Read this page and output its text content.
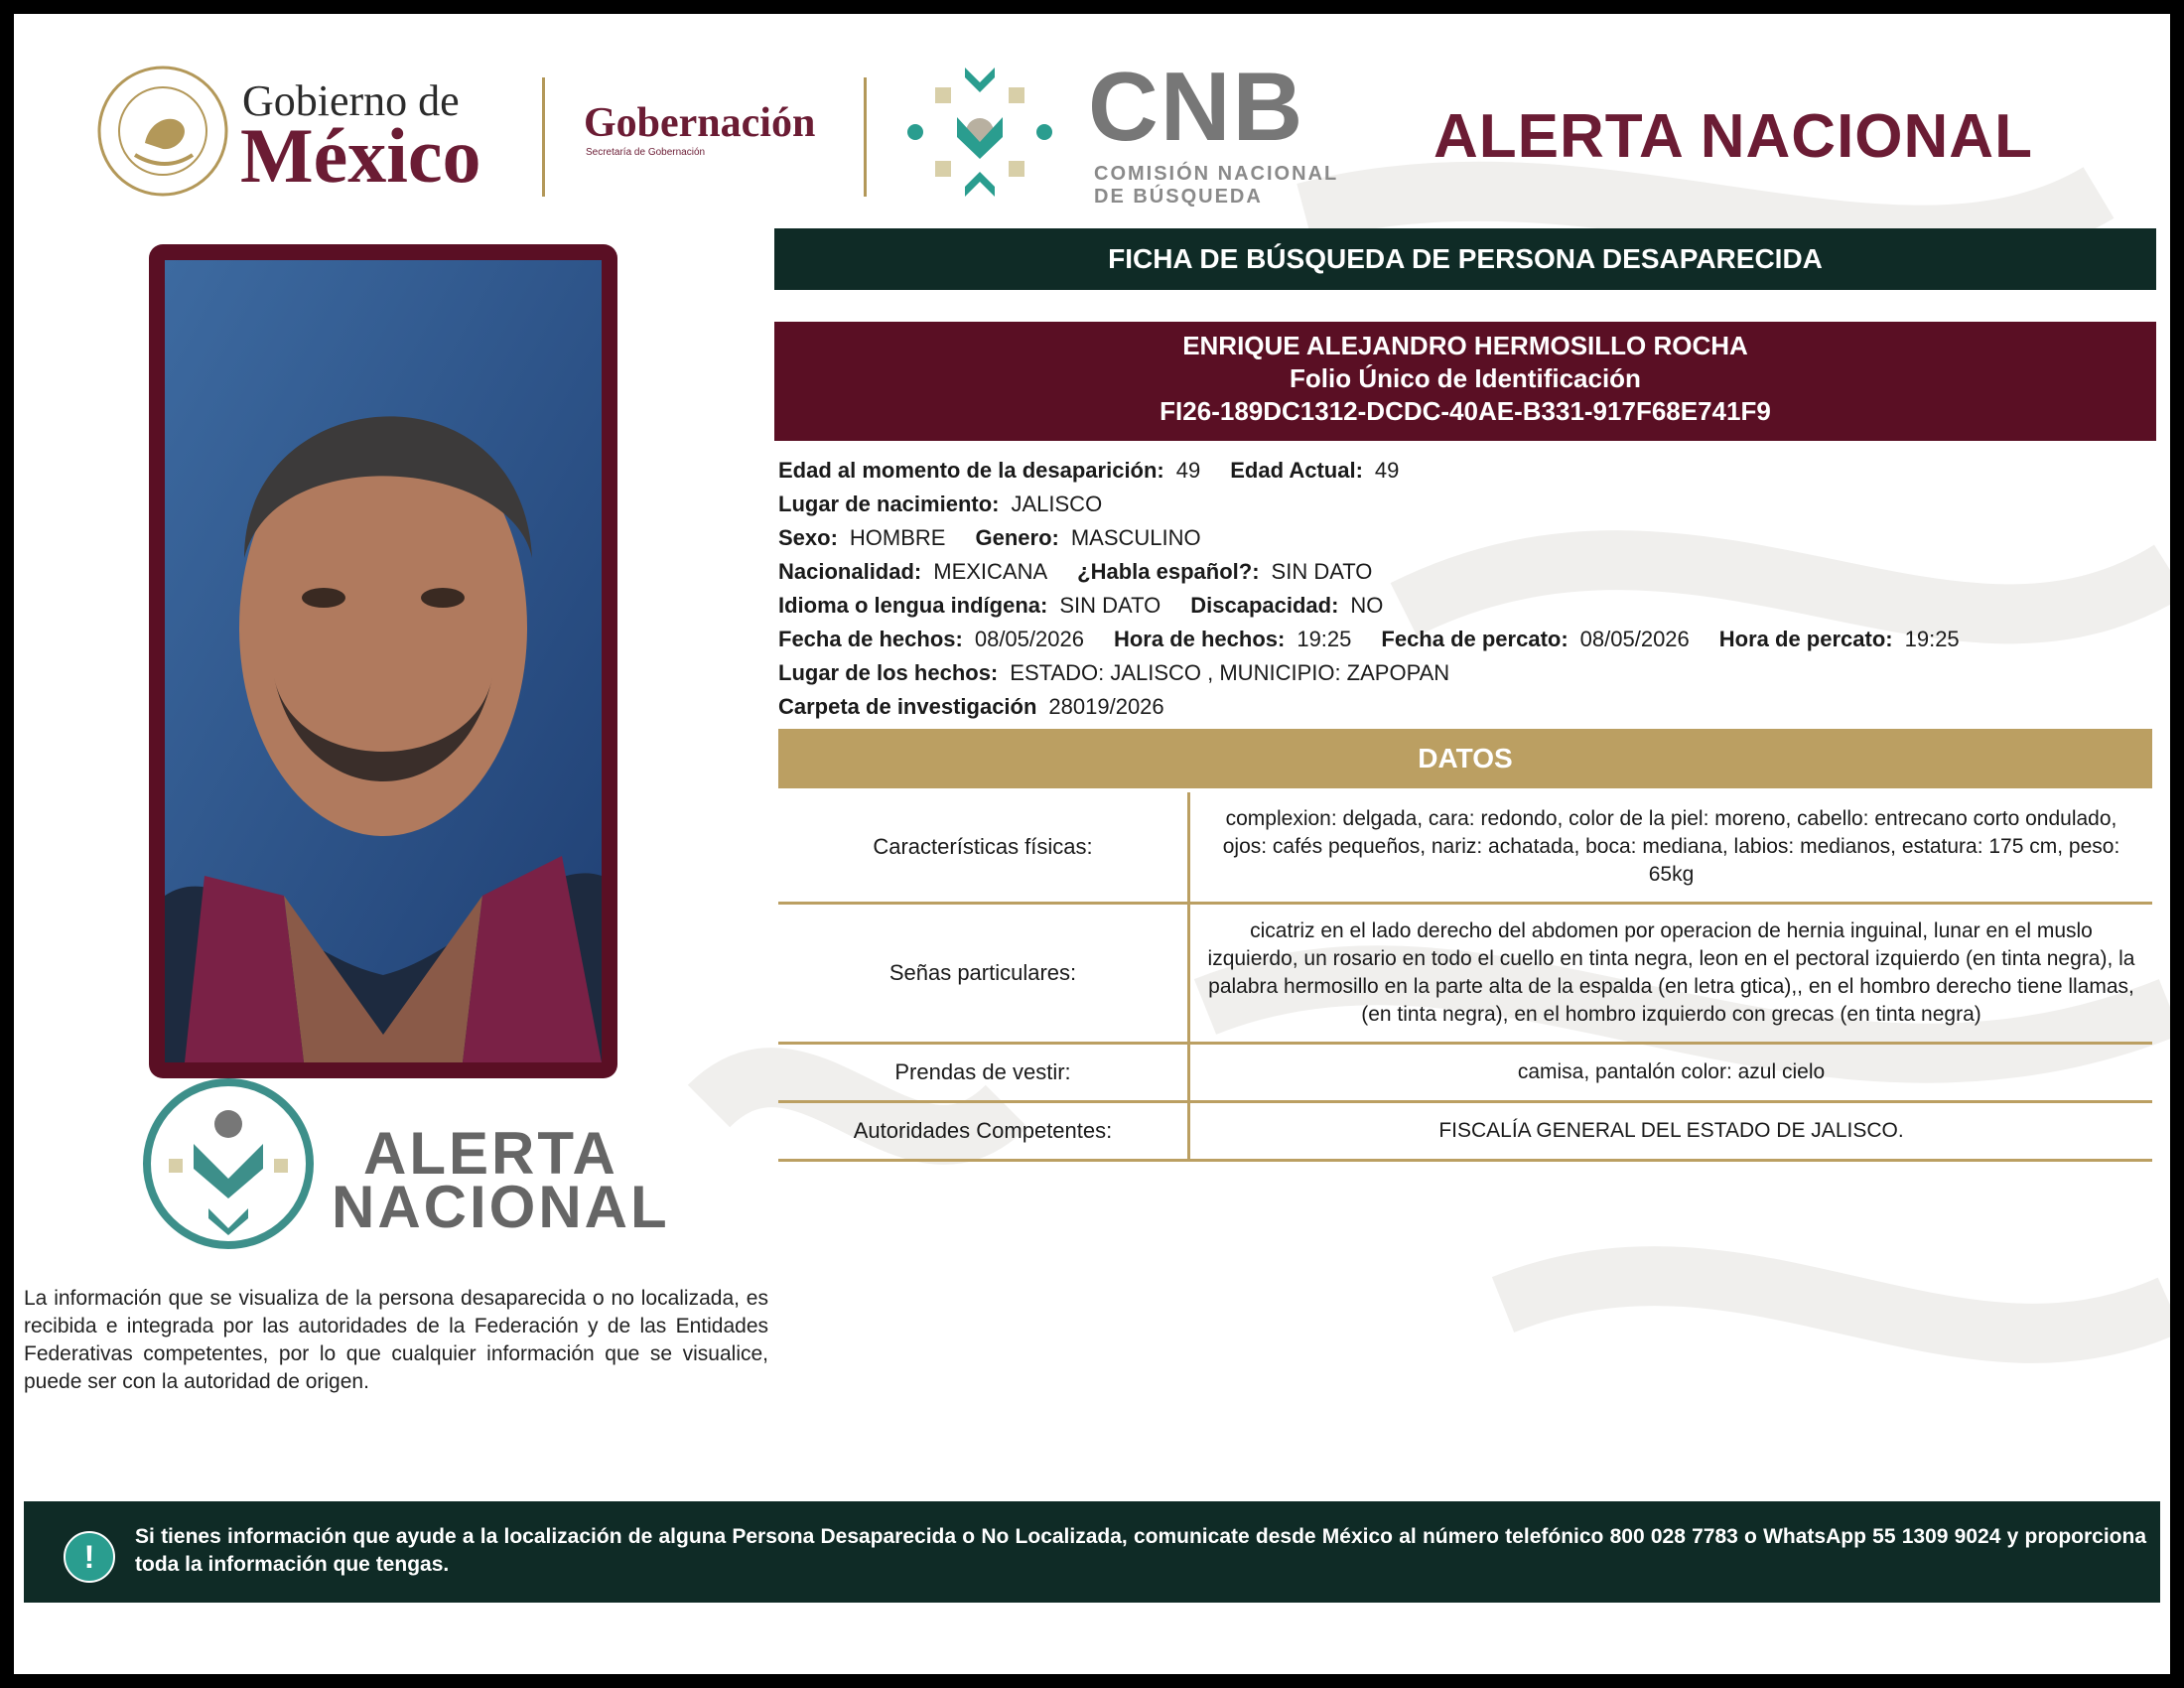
Gobierno de
México Gobernación
Secretaría de Gobernación	CNB
COMISIÓN NACIONAL
DE BÚSQUEDA
ALERTA NACIONAL
ALERTA
NACIONAL
La información que se visualiza de la persona desaparecida o no localizada, es recibida e integrada por las autoridades de la Federación y de las Entidades Federativas competentes, por lo que cualquier información que se visualice, puede ser con la autoridad de origen.
FICHA DE BÚSQUEDA DE PERSONA DESAPARECIDA
ENRIQUE ALEJANDRO HERMOSILLO ROCHA
Folio Único de Identificación
FI26-189DC1312-DCDC-40AE-B331-917F68E741F9
Edad al momento de la desaparición: 49 Edad Actual: 49
Lugar de nacimiento: JALISCO
Sexo: HOMBRE Genero: MASCULINO
Nacionalidad: MEXICANA ¿Habla español?: SIN DATO
Idioma o lengua indígena: SIN DATO Discapacidad: NO
Fecha de hechos: 08/05/2026 Hora de hechos: 19:25 Fecha de percato: 08/05/2026 Hora de percato: 19:25
Lugar de los hechos: ESTADO: JALISCO , MUNICIPIO: ZAPOPAN
Carpeta de investigación 28019/2026
DATOS
Características físicas:
complexion: delgada, cara: redondo, color de la piel: moreno, cabello: entrecano corto ondulado, ojos: cafés pequeños, nariz: achatada, boca: mediana, labios: medianos, estatura: 175 cm, peso: 65kg
Señas particulares:
cicatriz en el lado derecho del abdomen por operacion de hernia inguinal, lunar en el muslo izquierdo, un rosario en todo el cuello en tinta negra, leon en el pectoral izquierdo (en tinta negra), la palabra hermosillo en la parte alta de la espalda (en letra gtica),, en el hombro derecho tiene llamas, (en tinta negra), en el hombro izquierdo con grecas (en tinta negra)
Prendas de vestir:	camisa, pantalón color: azul cielo
Autoridades Competentes:	FISCALÍA GENERAL DEL ESTADO DE JALISCO.
!
Si tienes información que ayude a la localización de alguna Persona Desaparecida o No Localizada, comunicate desde México al número telefónico 800 028 7783 o WhatsApp 55 1309 9024 y proporciona toda la información que tengas.
